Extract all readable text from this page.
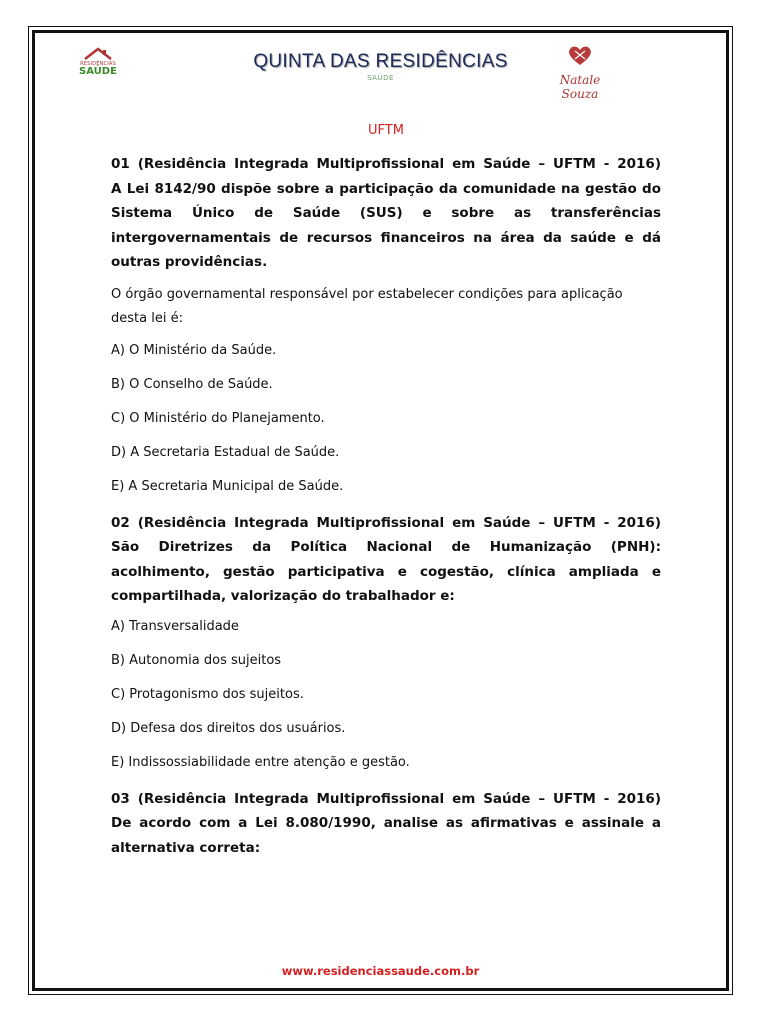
RESIDÊNCIAS
SAÚDE	QUINTA DAS RESIDÊNCIAS
SAÚDE	Natale Souza
UFTM
01 (Residência Integrada Multiprofissional em Saúde – UFTM - 2016)
A Lei 8142/90 dispõe sobre a participação da comunidade na gestão do Sistema Único de Saúde (SUS) e sobre as transferências intergovernamentais de recursos financeiros na área da saúde e dá outras providências.
O órgão governamental responsável por estabelecer condições para aplicação desta lei é:
A) O Ministério da Saúde.
B) O Conselho de Saúde.
C) O Ministério do Planejamento.
D) A Secretaria Estadual de Saúde.
E) A Secretaria Municipal de Saúde.
02 (Residência Integrada Multiprofissional em Saúde – UFTM - 2016)
São Diretrizes da Política Nacional de Humanização (PNH): acolhimento, gestão participativa e cogestão, clínica ampliada e compartilhada, valorização do trabalhador e:
A) Transversalidade
B) Autonomia dos sujeitos
C) Protagonismo dos sujeitos.
D) Defesa dos direitos dos usuários.
E) Indissossiabilidade entre atenção e gestão.
03 (Residência Integrada Multiprofissional em Saúde – UFTM - 2016)
De acordo com a Lei 8.080/1990, analise as afirmativas e assinale a alternativa correta:
www.residenciassaude.com.br
